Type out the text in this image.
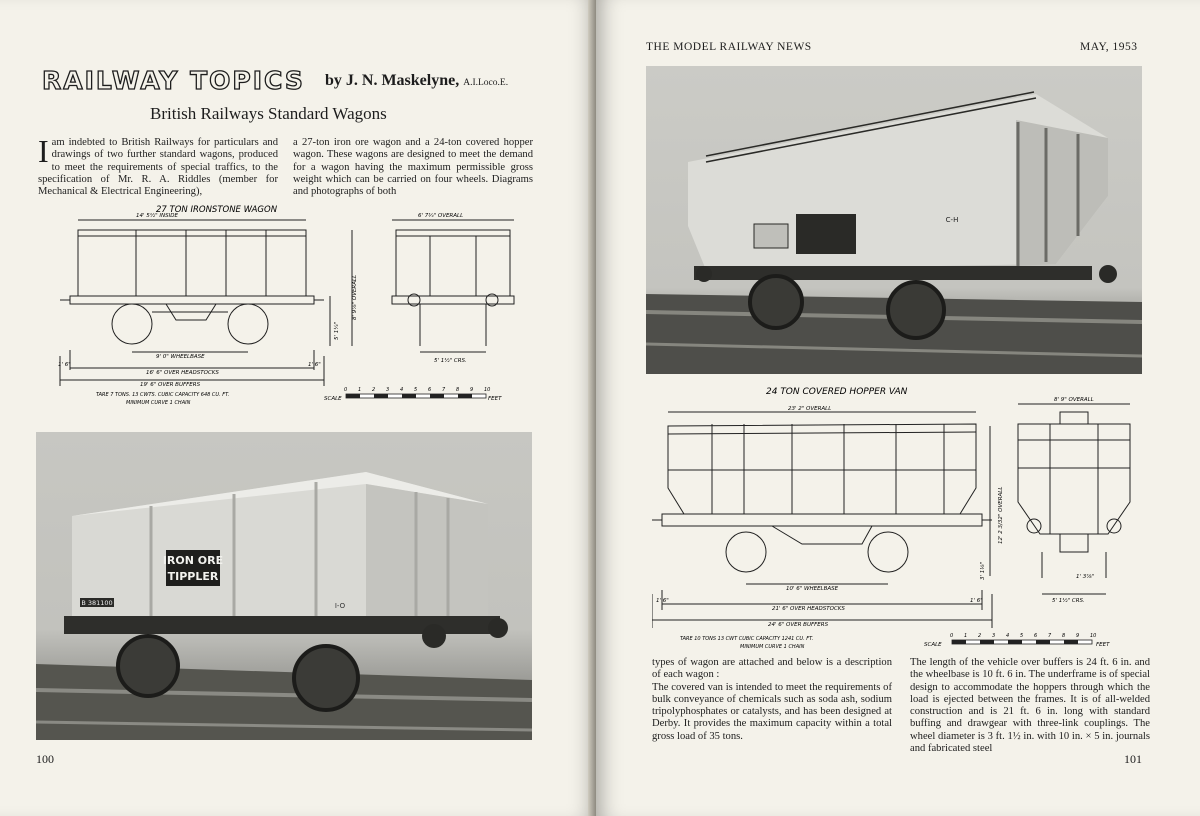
RAILWAY TOPICS by J. N. Maskelyne, A.I.Loco.E.
British Railways Standard Wagons
Iam indebted to British Railways for particulars and drawings of two further standard wagons, produced to meet the requirements of special traffics, to the specification of Mr. R. A. Riddles (member for Mechanical & Electrical Engineering),
a 27-ton iron ore wagon and a 24-ton covered hopper wagon. These wagons are designed to meet the demand for a wagon having the maximum permissible gross weight which can be carried on four wheels. Diagrams and photographs of both
27 TON IRONSTONE WAGON
14' 5½" INSIDE	6' 7¾" OVERALL
8' 9⅞" OVERALL
5' 1¼"
9' 0" WHEELBASE
16' 6" OVER HEADSTOCKS
19' 6" OVER BUFFERS
1' 6"	1' 6"
5' 1½" CRS.
TARE 7 TONS. 13 CWTS. CUBIC CAPACITY 648 CU. FT.
MINIMUM CURVE 1 CHAIN
SCALE
0 1 2 3 4 5 6 7 8 9 10
FEET
IRON ORE
TIPPLER
B 381100	I-O
100
THE MODEL RAILWAY NEWS	MAY, 1953
C-H
24 TON COVERED HOPPER VAN
23' 2" OVERALL
8' 9" OVERALL
12' 2 3/32" OVERALL
3' 1⅛"
10' 6" WHEELBASE
21' 6" OVER HEADSTOCKS
24' 6" OVER BUFFERS
1' 6"	1' 6"
1' 3⅞"
5' 1½" CRS.
TARE 10 TONS 13 CWT CUBIC CAPACITY 1241 CU. FT.
MINIMUM CURVE 1 CHAIN	SCALE
0 1 2 3 4 5 6 7 8 9 10
FEET
types of wagon are attached and below is a description of each wagon :
The covered van is intended to meet the requirements of bulk conveyance of chemicals such as soda ash, sodium tripolyphosphates or catalysts, and has been designed at Derby. It provides the maximum capacity within a total gross load of 35 tons.
The length of the vehicle over buffers is 24 ft. 6 in. and the wheelbase is 10 ft. 6 in. The underframe is of special design to accommodate the hoppers through which the load is ejected between the frames. It is of all-welded construction and is 21 ft. 6 in. long with standard buffing and drawgear with three-link couplings. The wheel diameter is 3 ft. 1½ in. with 10 in. × 5 in. journals and fabricated steel
101
